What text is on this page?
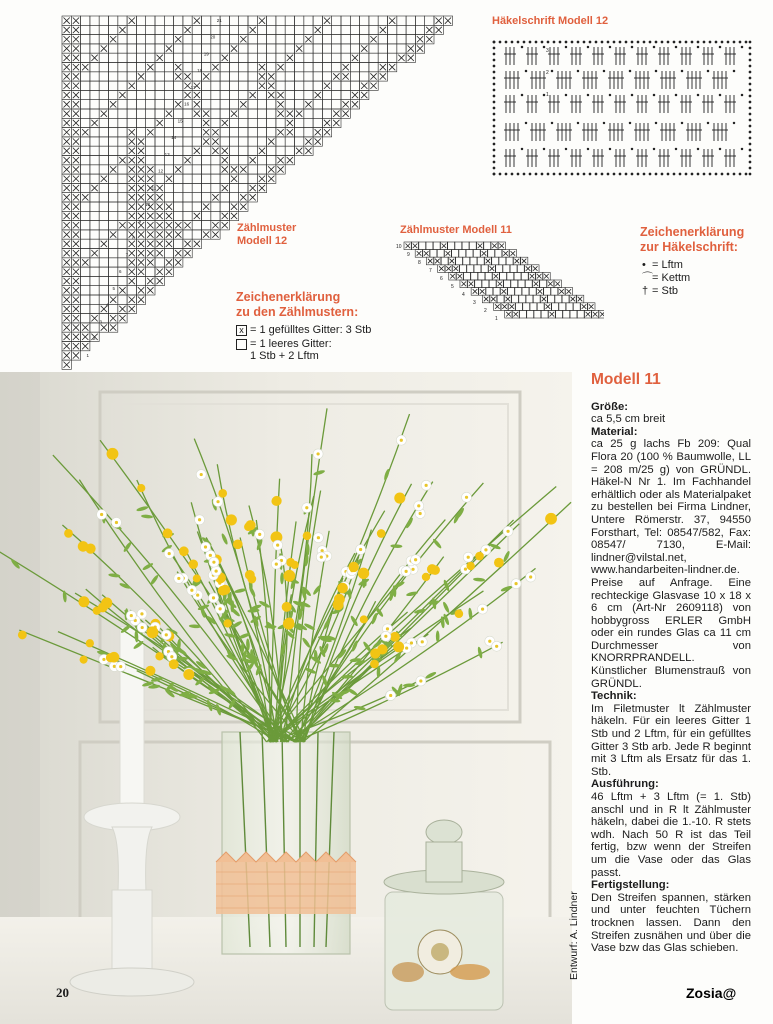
21
20
19
18
17
16
15
14
13
12
11
10
9
8
7
6
5
4
3
2
1
Zählmuster
Modell 12
Zeichenerklärung
zu den Zählmustern:
x = 1 gefülltes Gitter: 3 Stb
= 1 leeres Gitter:
1 Stb + 2 Lftm
Zählmuster Modell 11
10
9
8
7
6
5
4
3
2
1
Häkelschrift Modell 12
3
2
1
Zeichenerklärung
zur Häkelschrift:
• = Lftm
⌒= Kettm
† = Stb
Modell 11
Größe:

ca 5,5 cm breit

Material:

ca 25 g lachs Fb 209: Qual Flora 20 (100 % Baumwolle, LL = 208 m/25 g) von GRÜNDL. Häkel-N Nr 1. Im Fachhandel erhältlich oder als Materialpaket zu bestellen bei Firma Lindner, Untere Römerstr. 37, 94550 Forsthart, Tel: 08547/582, Fax: 08547/ 7130, E-Mail: lindner@vilstal.net, www.handarbeiten-lindner.de. Preise auf Anfrage. Eine rechteckige Glasvase 10 x 18 x 6 cm (Art-Nr 2609118) von hobbygross ERLER GmbH oder ein rundes Glas ca 11 cm Durchmesser von KNORRPRANDELL. Künstlicher Blumenstrauß von GRÜNDL.

Technik:

Im Filetmuster lt Zählmuster häkeln. Für ein leeres Gitter 1 Stb und 2 Lftm, für ein gefülltes Gitter 3 Stb arb. Jede R beginnt mit 3 Lftm als Ersatz für das 1. Stb.

Ausführung:

46 Lftm + 3 Lftm (= 1. Stb) anschl und in R lt Zählmuster häkeln, dabei die 1.-10. R stets wdh. Nach 50 R ist das Teil fertig, bzw wenn der Streifen um die Vase oder das Glas passt.

Fertigstellung:

Den Streifen spannen, stärken und unter feuchten Tüchern trocknen lassen. Dann den Streifen zusnähen und über die Vase bzw das Glas schieben.

Entwurf: A. Lindner
20	Zosia@
